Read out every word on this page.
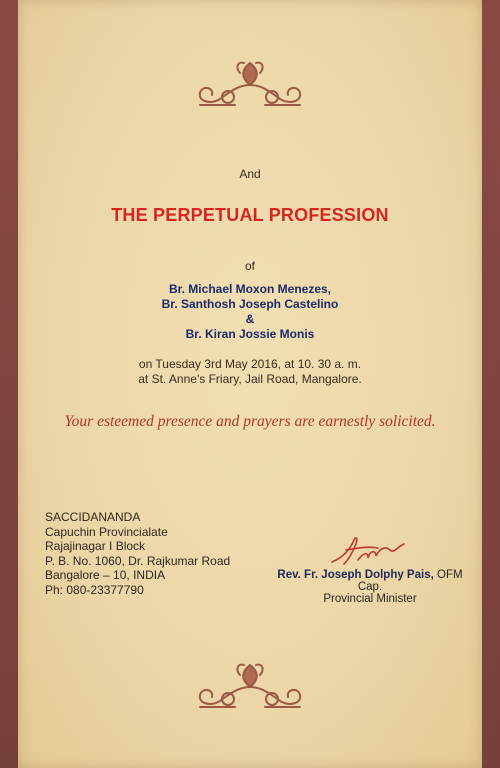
And
THE PERPETUAL PROFESSION
of
Br. Michael Moxon Menezes,
Br. Santhosh Joseph Castelino
&
Br. Kiran Jossie Monis
on Tuesday 3rd May 2016, at 10. 30 a. m.
at St. Anne's Friary, Jail Road, Mangalore.
Your esteemed presence and prayers are earnestly solicited.
SACCIDANANDA
Capuchin Provincialate
Rajajinagar I Block
P. B. No. 1060, Dr. Rajkumar Road
Bangalore – 10, INDIA
Ph: 080-23377790
Rev. Fr. Joseph Dolphy Pais, OFM Cap.
Provincial Minister
